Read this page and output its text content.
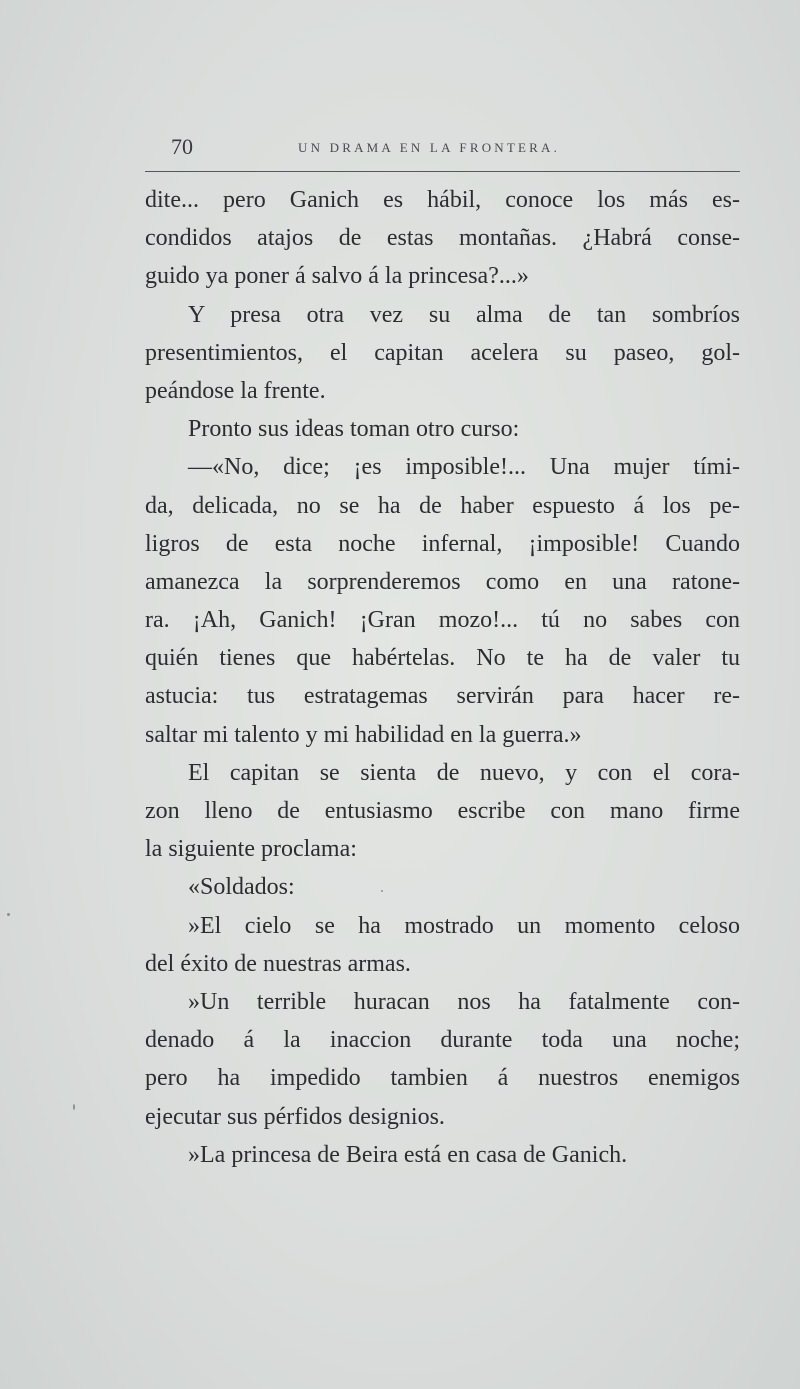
70	UN DRAMA EN LA FRONTERA.
dite... pero Ganich es hábil, conoce los más es-
condidos atajos de estas montañas. ¿Habrá conse-
guido ya poner á salvo á la princesa?...»
Y presa otra vez su alma de tan sombríos
presentimientos, el capitan acelera su paseo, gol-
peándose la frente.
Pronto sus ideas toman otro curso:
—«No, dice; ¡es imposible!... Una mujer tími-
da, delicada, no se ha de haber espuesto á los pe-
ligros de esta noche infernal, ¡imposible! Cuando
amanezca la sorprenderemos como en una ratone-
ra. ¡Ah, Ganich! ¡Gran mozo!... tú no sabes con
quién tienes que habértelas. No te ha de valer tu
astucia: tus estratagemas servirán para hacer re-
saltar mi talento y mi habilidad en la guerra.»
El capitan se sienta de nuevo, y con el cora-
zon lleno de entusiasmo escribe con mano firme
la siguiente proclama:
«Soldados:
»El cielo se ha mostrado un momento celoso
del éxito de nuestras armas.
»Un terrible huracan nos ha fatalmente con-
denado á la inaccion durante toda una noche;
pero ha impedido tambien á nuestros enemigos
ejecutar sus pérfidos designios.
»La princesa de Beira está en casa de Ganich.
